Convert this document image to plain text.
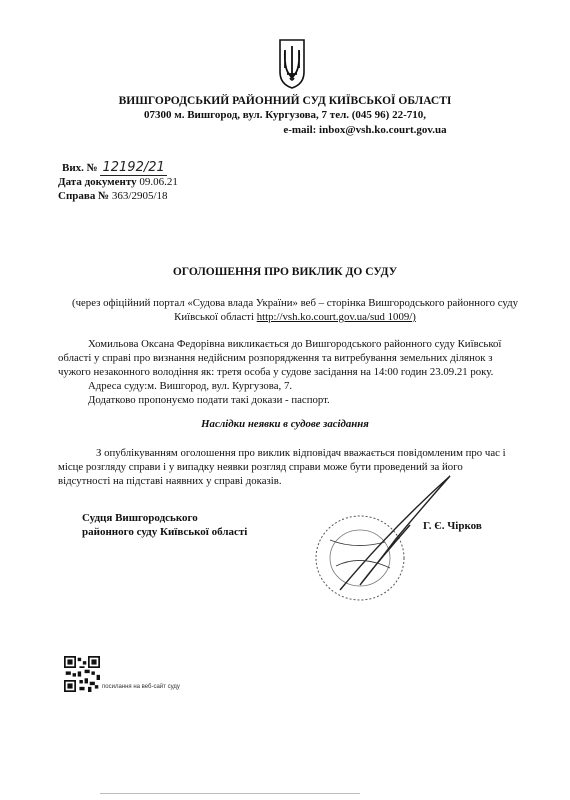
ВИШГОРОДСЬКИЙ РАЙОННИЙ СУД КИЇВСЬКОЇ ОБЛАСТІ
07300 м. Вишгород, вул. Кургузова, 7 тел. (045 96) 22-710,
e-mail: inbox@vsh.ko.court.gov.ua
Вих. № 12192/21
Дата документу 09.06.21
Справа № 363/2905/18
ОГОЛОШЕННЯ ПРО ВИКЛИК ДО СУДУ
(через офіційний портал «Судова влада України» веб – сторінка Вишгородського районного суду
Київської області http://vsh.ko.court.gov.ua/sud 1009/)
Хомильова Оксана Федорівна викликається до Вишгородського районного суду Київської
області у справі про визнання недійсним розпорядження та витребування земельних ділянок з
чужого незаконного володіння як: третя особа у судове засідання на 14:00 годин 23.09.21 року.
Адреса суду:м. Вишгород, вул. Кургузова, 7.
Додатково пропонуємо подати такі докази - паспорт.
Наслідки неявки в судове засідання
З опублікуванням оголошення про виклик відповідач вважається повідомленим про час і
місце розгляду справи і у випадку неявки розгляд справи може бути проведений за його
відсутності на підставі наявних у справі доказів.
Судця Вишгородського
районного суду Київської області	Г. Є. Чірков
посилання на веб-сайт суду
